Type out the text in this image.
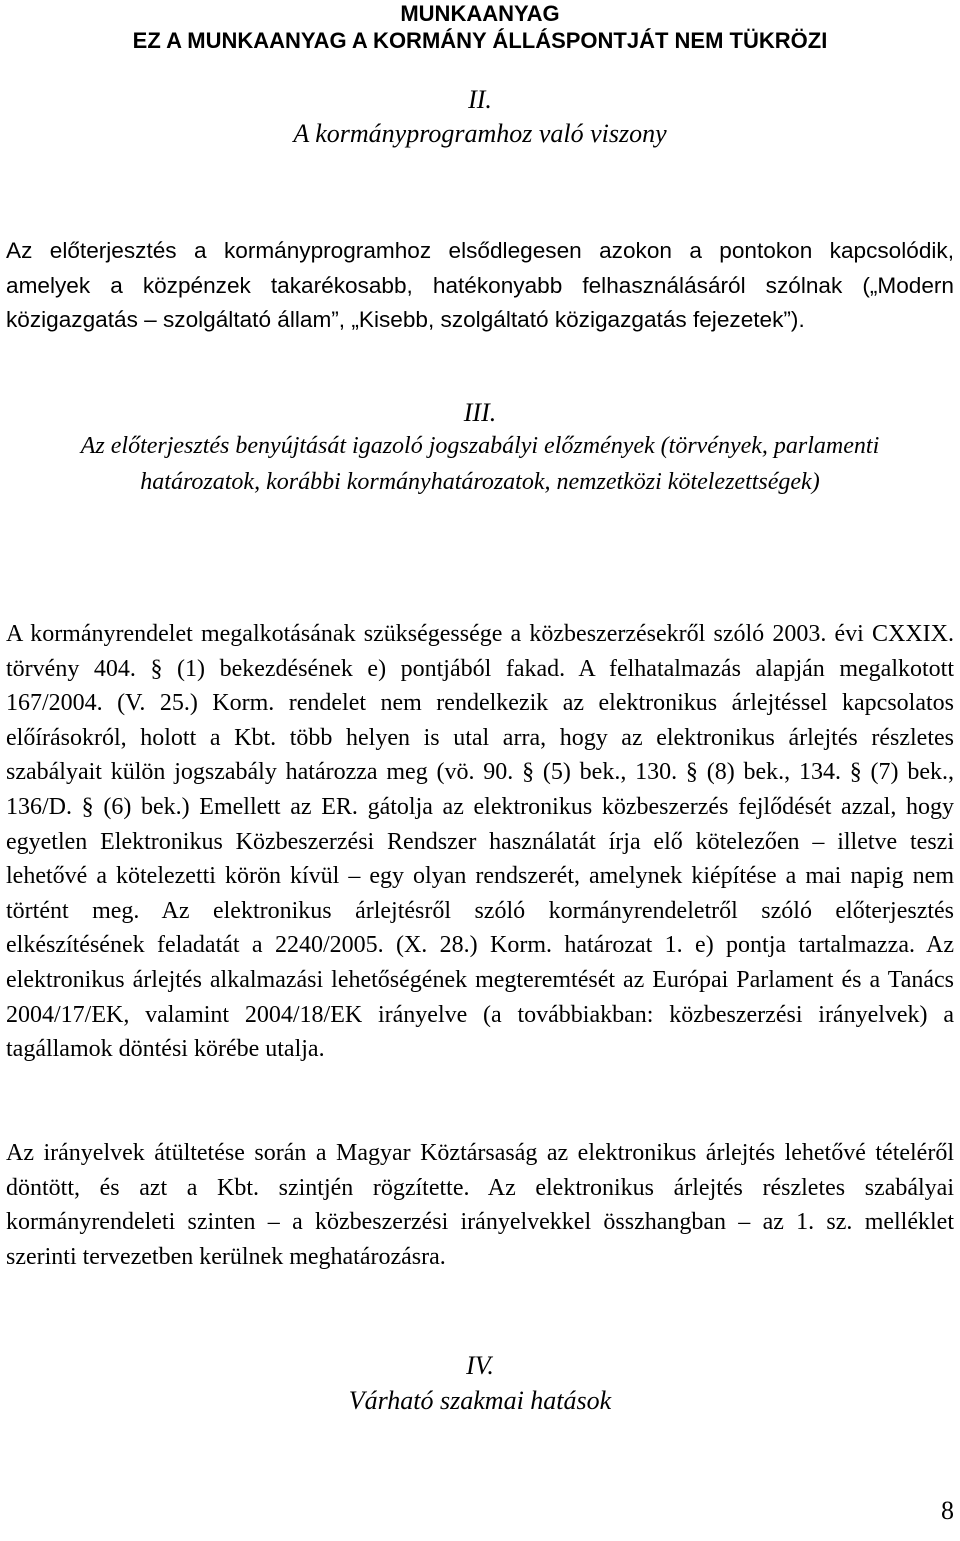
MUNKAANYAG
EZ A MUNKAANYAG A KORMÁNY ÁLLÁSPONTJÁT NEM TÜKRÖZI
II.
A kormányprogramhoz való viszony
Az előterjesztés a kormányprogramhoz elsődlegesen azokon a pontokon kapcsolódik, amelyek a közpénzek takarékosabb, hatékonyabb felhasználásáról szólnak („Modern közigazgatás – szolgáltató állam”, „Kisebb, szolgáltató közigazgatás fejezetek”).
III.
Az előterjesztés benyújtását igazoló jogszabályi előzmények (törvények, parlamenti határozatok, korábbi kormányhatározatok, nemzetközi kötelezettségek)
A kormányrendelet megalkotásának szükségessége a közbeszerzésekről szóló 2003. évi CXXIX. törvény 404. § (1) bekezdésének e) pontjából fakad. A felhatalmazás alapján megalkotott 167/2004. (V. 25.) Korm. rendelet nem rendelkezik az elektronikus árlejtéssel kapcsolatos előírásokról, holott a Kbt. több helyen is utal arra, hogy az elektronikus árlejtés részletes szabályait külön jogszabály határozza meg (vö. 90. § (5) bek., 130. § (8) bek., 134. § (7) bek., 136/D. § (6) bek.) Emellett az ER. gátolja az elektronikus közbeszerzés fejlődését azzal, hogy egyetlen Elektronikus Közbeszerzési Rendszer használatát írja elő kötelezően – illetve teszi lehetővé a kötelezetti körön kívül – egy olyan rendszerét, amelynek kiépítése a mai napig nem történt meg. Az elektronikus árlejtésről szóló kormányrendeletről szóló előterjesztés elkészítésének feladatát a 2240/2005. (X. 28.) Korm. határozat 1. e) pontja tartalmazza. Az elektronikus árlejtés alkalmazási lehetőségének megteremtését az Európai Parlament és a Tanács 2004/17/EK, valamint 2004/18/EK irányelve (a továbbiakban: közbeszerzési irányelvek) a tagállamok döntési körébe utalja.
Az irányelvek átültetése során a Magyar Köztársaság az elektronikus árlejtés lehetővé tételéről döntött, és azt a Kbt. szintjén rögzítette. Az elektronikus árlejtés részletes szabályai kormányrendeleti szinten – a közbeszerzési irányelvekkel összhangban – az 1. sz. melléklet szerinti tervezetben kerülnek meghatározásra.
IV.
Várható szakmai hatások
8
